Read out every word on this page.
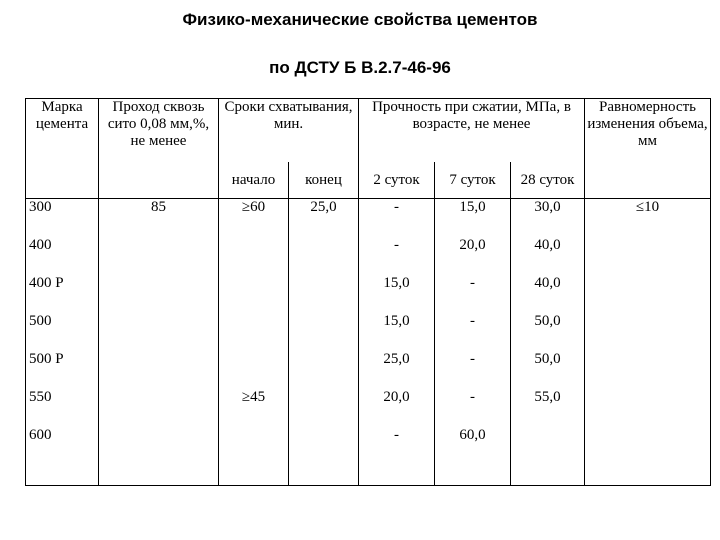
Физико-механические свойства цементов
по ДСТУ Б В.2.7-46-96
Марка цемента	Проход сквозь сито 0,08 мм,%, не менее	Сроки схватывания, мин.		Прочность при сжатии, МПа, в возрасте, не менее			Равномерность изменения объема, мм
		начало	конец	2 суток	7 суток	28 суток	
300	85	≥60	25,0	-	15,0	30,0	≤10
400				-	20,0	40,0	
400 Р				15,0	-	40,0	
500				15,0	-	50,0	
500 Р				25,0	-	50,0	
550		≥45		20,0	-	55,0	
600				-	60,0		
